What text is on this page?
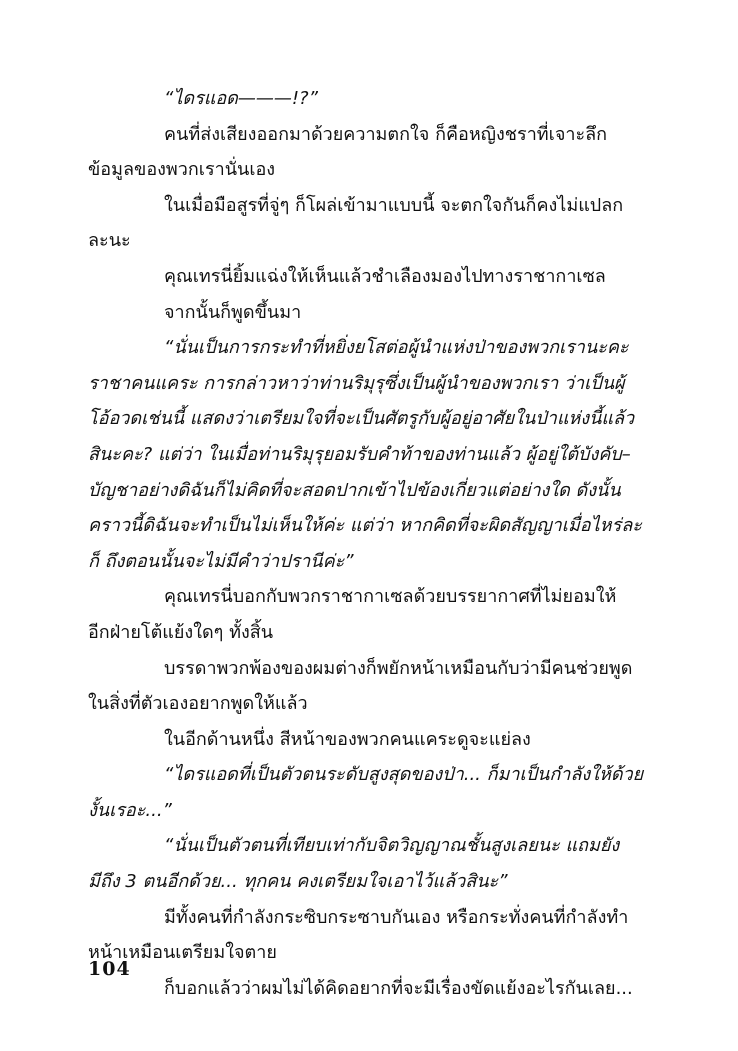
“ไดรแอด———!?”
คนที่ส่งเสียงออกมาด้วยความตกใจ ก็คือหญิงชราที่เจาะลึก
ข้อมูลของพวกเรานั่นเอง
ในเมื่อมือสูรที่จู่ๆ ก็โผล่เข้ามาแบบนี้ จะตกใจกันก็คงไม่แปลก
ละนะ
คุณเทรนี่ยิ้มแฉ่งให้เห็นแล้วชำเลืองมองไปทางราชากาเซล
จากนั้นก็พูดขึ้นมา
“นั่นเป็นการกระทำที่หยิ่งยโสต่อผู้นำแห่งป่าของพวกเรานะคะ
ราชาคนแคระ การกล่าวหาว่าท่านริมุรุซึ่งเป็นผู้นำของพวกเรา ว่าเป็นผู้
โอ้อวดเช่นนี้ แสดงว่าเตรียมใจที่จะเป็นศัตรูกับผู้อยู่อาศัยในป่าแห่งนี้แล้ว
สินะคะ? แต่ว่า ในเมื่อท่านริมุรุยอมรับคำท้าของท่านแล้ว ผู้อยู่ใต้บังคับ–
บัญชาอย่างดิฉันก็ไม่คิดที่จะสอดปากเข้าไปข้องเกี่ยวแต่อย่างใด ดังนั้น
คราวนี้ดิฉันจะทำเป็นไม่เห็นให้ค่ะ แต่ว่า หากคิดที่จะผิดสัญญาเมื่อไหร่ละ
ก็ ถึงตอนนั้นจะไม่มีคำว่าปรานีค่ะ”
คุณเทรนี่บอกกับพวกราชากาเซลด้วยบรรยากาศที่ไม่ยอมให้
อีกฝ่ายโต้แย้งใดๆ ทั้งสิ้น
บรรดาพวกพ้องของผมต่างก็พยักหน้าเหมือนกับว่ามีคนช่วยพูด
ในสิ่งที่ตัวเองอยากพูดให้แล้ว
ในอีกด้านหนึ่ง สีหน้าของพวกคนแคระดูจะแย่ลง
“ไดรแอดที่เป็นตัวตนระดับสูงสุดของป่า... ก็มาเป็นกำลังให้ด้วย
งั้นเรอะ...”
“นั่นเป็นตัวตนที่เทียบเท่ากับจิตวิญญาณชั้นสูงเลยนะ แถมยัง
มีถึง 3 ตนอีกด้วย... ทุกคน คงเตรียมใจเอาไว้แล้วสินะ”
มีทั้งคนที่กำลังกระซิบกระซาบกันเอง หรือกระทั่งคนที่กำลังทำ
หน้าเหมือนเตรียมใจตาย
ก็บอกแล้วว่าผมไม่ได้คิดอยากที่จะมีเรื่องขัดแย้งอะไรกันเลย...
104
